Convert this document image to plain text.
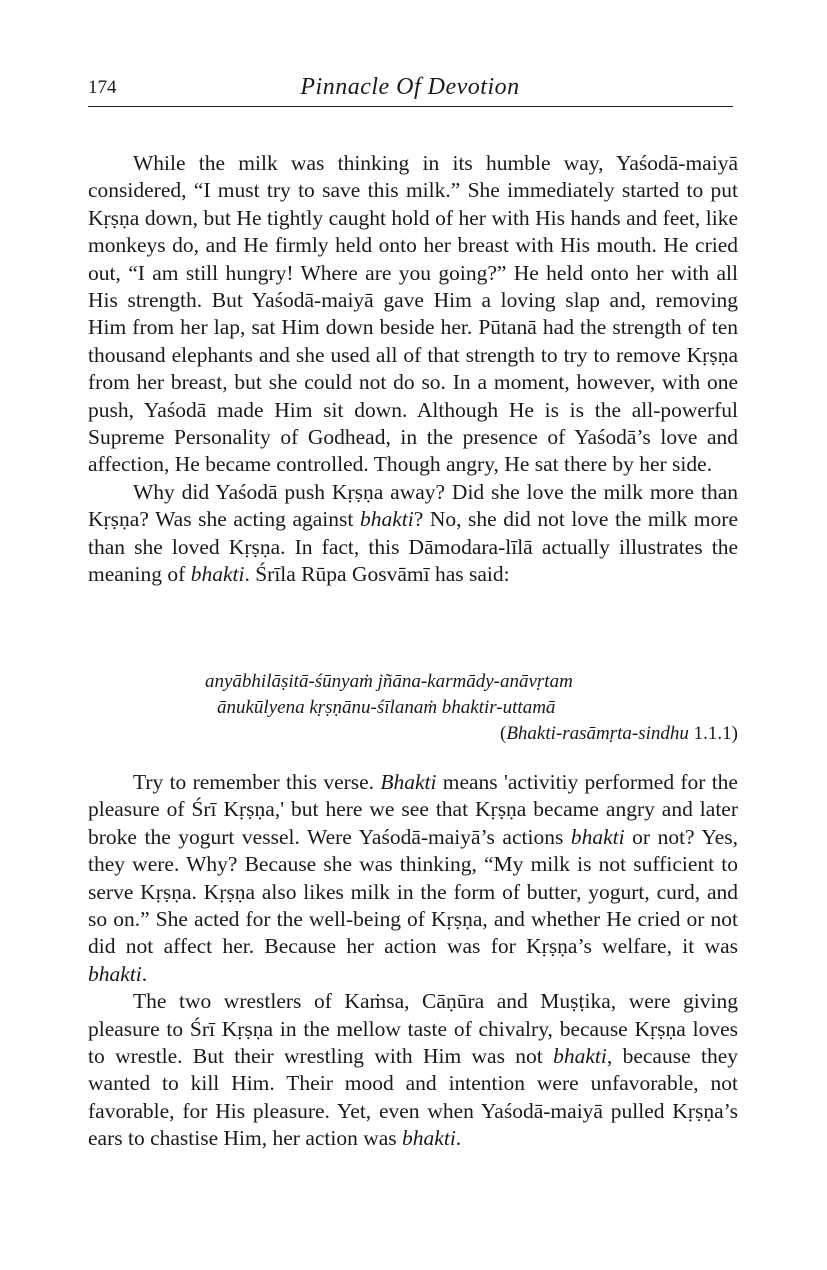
174	Pinnacle Of Devotion

While the milk was thinking in its humble way, Yaśodā-maiyā considered, “I must try to save this milk.” She immediately started to put Kṛṣṇa down, but He tightly caught hold of her with His hands and feet, like monkeys do, and He firmly held onto her breast with His mouth. He cried out, “I am still hungry! Where are you going?” He held onto her with all His strength. But Yaśodā-maiyā gave Him a loving slap and, removing Him from her lap, sat Him down beside her. Pūtanā had the strength of ten thousand elephants and she used all of that strength to try to remove Kṛṣṇa from her breast, but she could not do so. In a moment, however, with one push, Yaśodā made Him sit down. Although He is is the all-powerful Supreme Personality of Godhead, in the presence of Yaśodā’s love and affection, He became controlled. Though angry, He sat there by her side.

Why did Yaśodā push Kṛṣṇa away? Did she love the milk more than Kṛṣṇa? Was she acting against bhakti? No, she did not love the milk more than she loved Kṛṣṇa. In fact, this Dāmodara-līlā actually illustrates the meaning of bhakti. Śrīla Rūpa Gosvāmī has said:

anyābhilāṣitā-śūnyaṁ jñāna-karmādy-anāvṛtam
ānukūlyena kṛṣṇānu-śīlanaṁ bhaktir-uttamā
(Bhakti-rasāmṛta-sindhu 1.1.1)

Try to remember this verse. Bhakti means 'activitiy performed for the pleasure of Śrī Kṛṣṇa,' but here we see that Kṛṣṇa became angry and later broke the yogurt vessel. Were Yaśodā-maiyā’s actions bhakti or not? Yes, they were. Why? Because she was thinking, “My milk is not sufficient to serve Kṛṣṇa. Kṛṣṇa also likes milk in the form of butter, yogurt, curd, and so on.” She acted for the well-being of Kṛṣṇa, and whether He cried or not did not affect her. Because her action was for Kṛṣṇa’s welfare, it was bhakti.

The two wrestlers of Kaṁsa, Cāṇūra and Muṣṭika, were giving pleasure to Śrī Kṛṣṇa in the mellow taste of chivalry, because Kṛṣṇa loves to wrestle. But their wrestling with Him was not bhakti, because they wanted to kill Him. Their mood and intention were unfavorable, not favorable, for His pleasure. Yet, even when Yaśodā-maiyā pulled Kṛṣṇa’s ears to chastise Him, her action was bhakti.
